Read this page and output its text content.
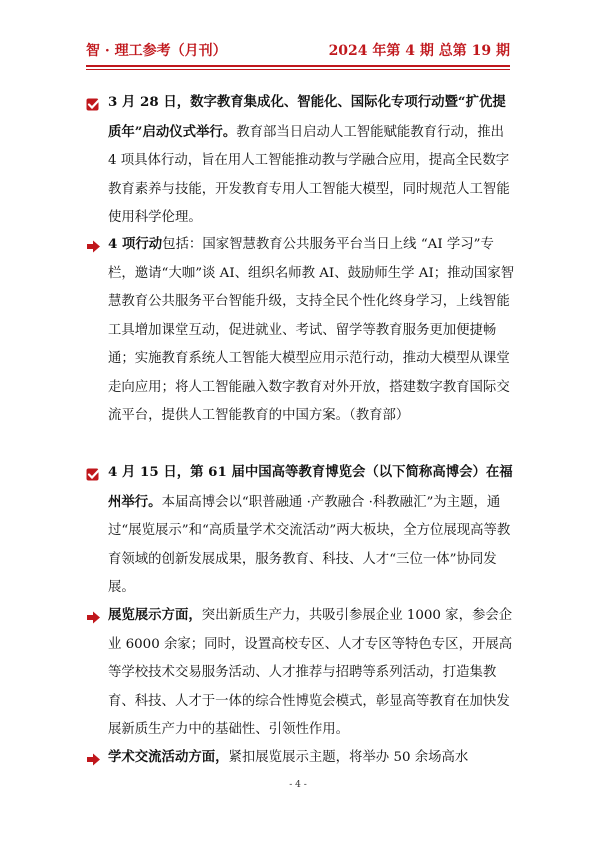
智 · 理工参考（月刊）	2024 年第 4 期 总第 19 期
3 月 28 日，数字教育集成化、智能化、国际化专项行动暨“扩优提质年”启动仪式举行。教育部当日启动人工智能赋能教育行动，推出 4 项具体行动，旨在用人工智能推动教与学融合应用，提高全民数字教育素养与技能，开发教育专用人工智能大模型，同时规范人工智能使用科学伦理。
4 项行动包括：国家智慧教育公共服务平台当日上线 “AI 学习”专栏，邀请“大咖”谈 AI、组织名师教 AI、鼓励师生学 AI；推动国家智慧教育公共服务平台智能升级，支持全民个性化终身学习，上线智能工具增加课堂互动，促进就业、考试、留学等教育服务更加便捷畅通；实施教育系统人工智能大模型应用示范行动，推动大模型从课堂走向应用；将人工智能融入数字教育对外开放，搭建数字教育国际交流平台，提供人工智能教育的中国方案。（教育部）
4 月 15 日，第 61 届中国高等教育博览会（以下简称高博会）在福州举行。本届高博会以“职普融通 ·产教融合 ·科教融汇”为主题，通过“展览展示”和“高质量学术交流活动”两大板块，全方位展现高等教育领域的创新发展成果，服务教育、科技、人才“三位一体”协同发展。
展览展示方面，突出新质生产力，共吸引参展企业 1000 家，参会企业 6000 余家；同时，设置高校专区、人才专区等特色专区，开展高等学校技术交易服务活动、人才推荐与招聘等系列活动，打造集教育、科技、人才于一体的综合性博览会模式，彰显高等教育在加快发展新质生产力中的基础性、引领性作用。
学术交流活动方面，紧扣展览展示主题，将举办 50 余场高水
- 4 -
